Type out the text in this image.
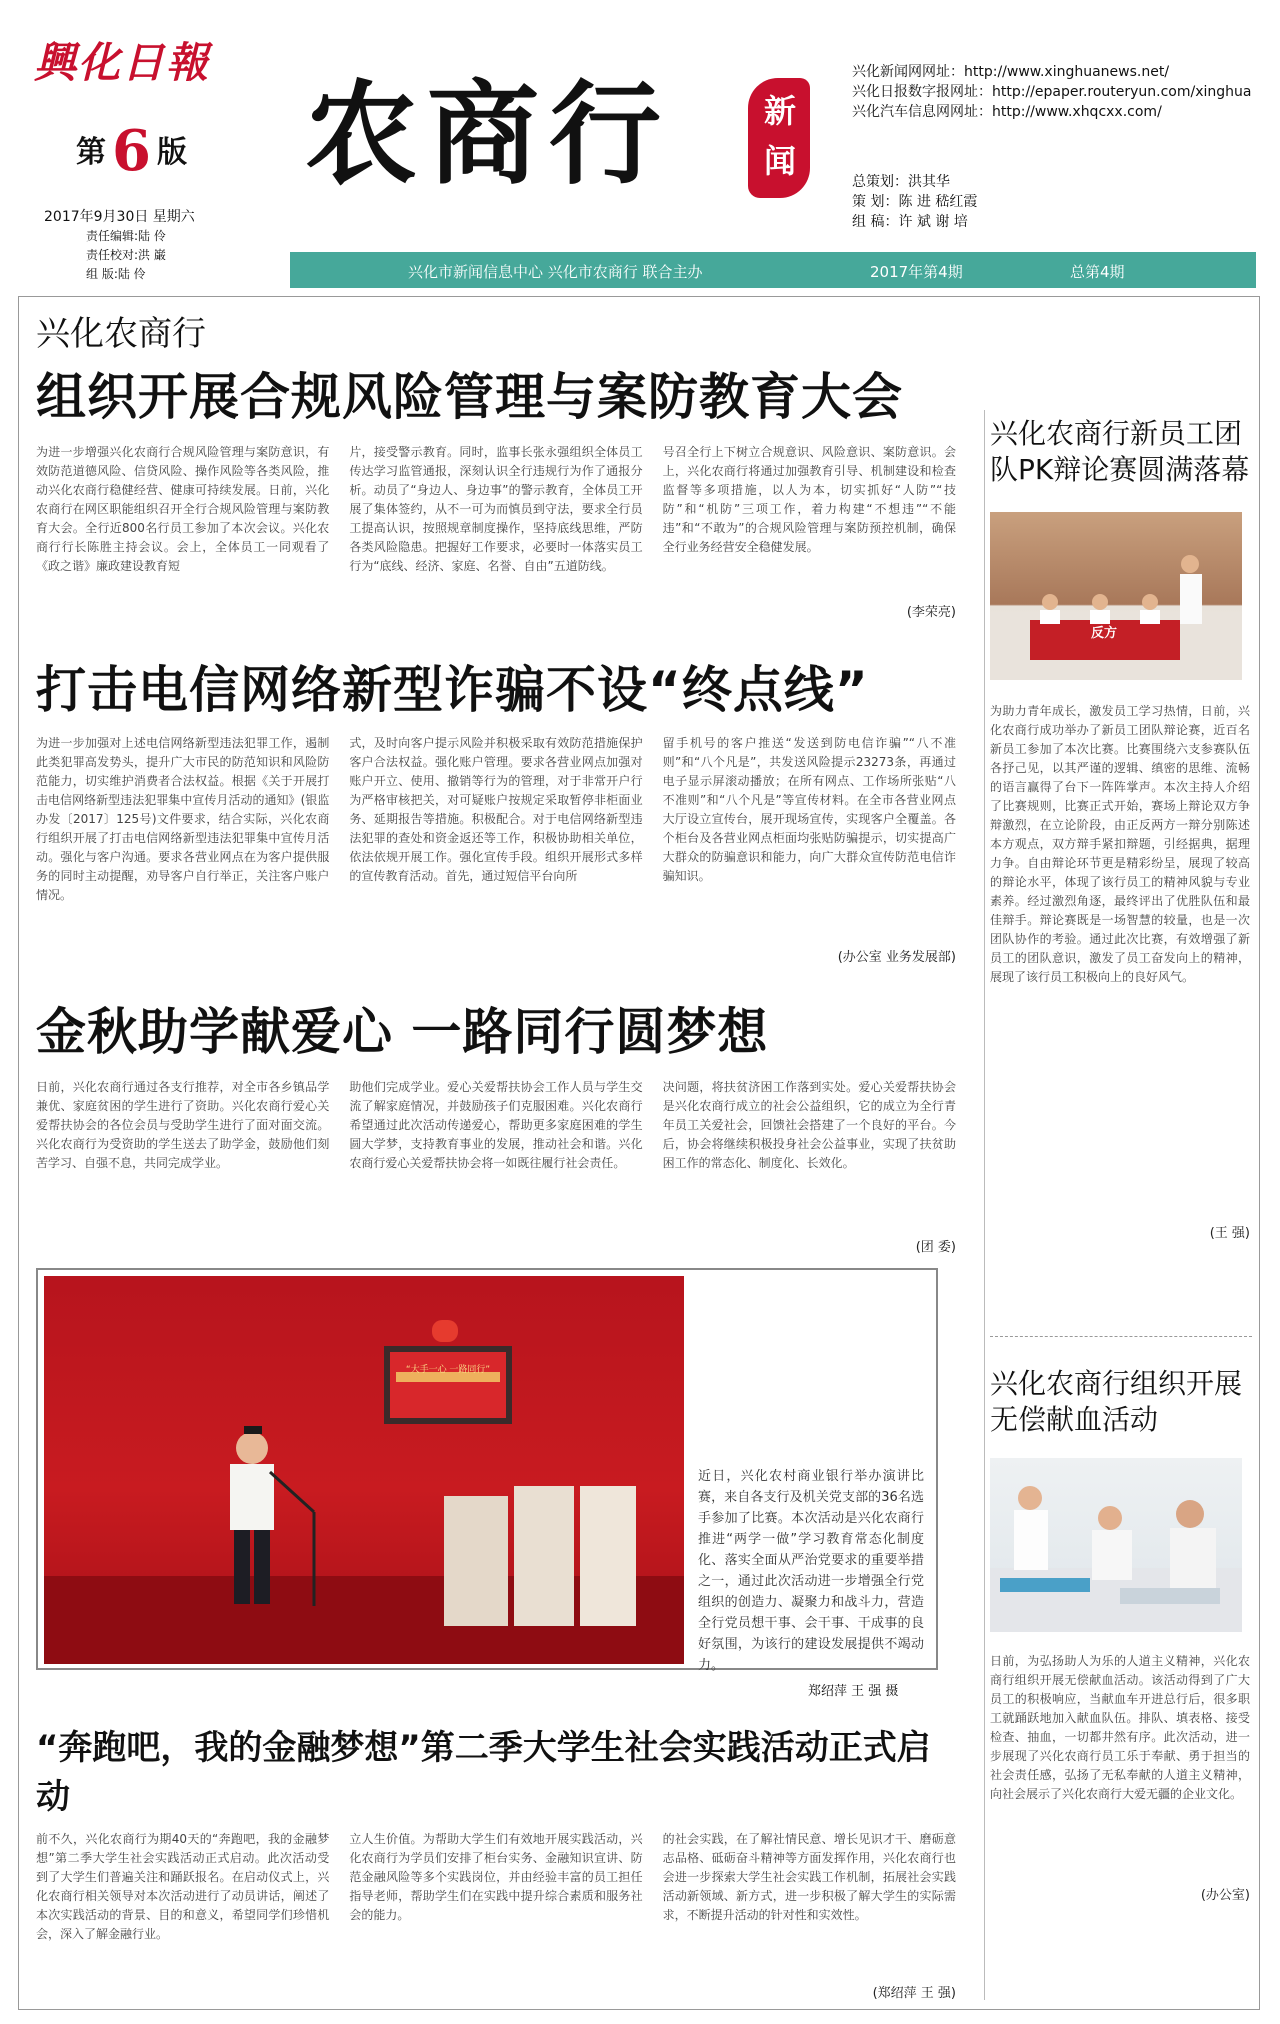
興化日報
第 6 版
2017年9月30日 星期六
责任编辑:陆 伶
责任校对:洪 巌
组 版:陆 伶
农商行	新闻
兴化新闻网网址：http://www.xinghuanews.net/
兴化日报数字报网址：http://epaper.routeryun.com/xinghua
兴化汽车信息网网址：http://www.xhqcxx.com/
总策划：洪其华
策 划：陈 进 嵇红霞
组 稿：许 斌 谢 培
兴化市新闻信息中心 兴化市农商行 联合主办	2017年第4期	总第4期
兴化农商行
组织开展合规风险管理与案防教育大会

为进一步增强兴化农商行合规风险管理与案防意识，有效防范道德风险、信贷风险、操作风险等各类风险，推动兴化农商行稳健经营、健康可持续发展。日前，兴化农商行在网区职能组织召开全行合规风险管理与案防教育大会。全行近800名行员工参加了本次会议。兴化农商行行长陈胜主持会议。会上，全体员工一同观看了《政之谐》廉政建设教育短

片，接受警示教育。同时，监事长张永强组织全体员工传达学习监管通报，深刻认识全行违规行为作了通报分析。动员了“身边人、身边事”的警示教育，全体员工开展了集体签约，从不一可为而慎员到守法，要求全行员工提高认识，按照规章制度操作，坚持底线思维，严防各类风险隐患。把握好工作要求，必要时一体落实员工行为“底线、经济、家庭、名誉、自由”五道防线。

号召全行上下树立合规意识、风险意识、案防意识。会上，兴化农商行将通过加强教育引导、机制建设和检查监督等多项措施，以人为本，切实抓好“人防”“技防”和“机防”三项工作，着力构建“不想违”“不能违”和“不敢为”的合规风险管理与案防预控机制，确保全行业务经营安全稳健发展。

(李荣亮)
打击电信网络新型诈骗不设“终点线”

为进一步加强对上述电信网络新型违法犯罪工作，遏制此类犯罪高发势头，提升广大市民的防范知识和风险防范能力，切实维护消费者合法权益。根据《关于开展打击电信网络新型违法犯罪集中宣传月活动的通知》(银监办发〔2017〕125号)文件要求，结合实际，兴化农商行组织开展了打击电信网络新型违法犯罪集中宣传月活动。强化与客户沟通。要求各营业网点在为客户提供服务的同时主动提醒，劝导客户自行举正，关注客户账户情况。

式，及时向客户提示风险并积极采取有效防范措施保护客户合法权益。强化账户管理。要求各营业网点加强对账户开立、使用、撤销等行为的管理，对于非常开户行为严格审核把关，对可疑账户按规定采取暂停非柜面业务、延期报告等措施。积极配合。对于电信网络新型违法犯罪的查处和资金返还等工作，积极协助相关单位，依法依规开展工作。强化宣传手段。组织开展形式多样的宣传教育活动。首先，通过短信平台向所

留手机号的客户推送“发送到防电信诈骗”“八不准则”和“八个凡是”，共发送风险提示23273条，再通过电子显示屏滚动播放；在所有网点、工作场所张贴“八不准则”和“八个凡是”等宣传材料。在全市各营业网点大厅设立宣传台，展开现场宣传，实现客户全覆盖。各个柜台及各营业网点柜面均张贴防骗提示，切实提高广大群众的防骗意识和能力，向广大群众宣传防范电信诈骗知识。

(办公室 业务发展部)
金秋助学献爱心 一路同行圆梦想

日前，兴化农商行通过各支行推荐，对全市各乡镇品学兼优、家庭贫困的学生进行了资助。兴化农商行爱心关爱帮扶协会的各位会员与受助学生进行了面对面交流。兴化农商行为受资助的学生送去了助学金，鼓励他们刻苦学习、自强不息，共同完成学业。

助他们完成学业。爱心关爱帮扶协会工作人员与学生交流了解家庭情况，并鼓励孩子们克服困难。兴化农商行希望通过此次活动传递爱心，帮助更多家庭困难的学生圆大学梦，支持教育事业的发展，推动社会和谐。兴化农商行爱心关爱帮扶协会将一如既往履行社会责任。

决问题，将扶贫济困工作落到实处。爱心关爱帮扶协会是兴化农商行成立的社会公益组织，它的成立为全行青年员工关爱社会，回馈社会搭建了一个良好的平台。今后，协会将继续积极投身社会公益事业，实现了扶贫助困工作的常态化、制度化、长效化。

(团 委)
“大手一心 一路同行”
近日，兴化农村商业银行举办演讲比赛，来自各支行及机关党支部的36名选手参加了比赛。本次活动是兴化农商行推进“两学一做”学习教育常态化制度化、落实全面从严治党要求的重要举措之一，通过此次活动进一步增强全行党组织的创造力、凝聚力和战斗力，营造全行党员想干事、会干事、干成事的良好氛围，为该行的建设发展提供不竭动力。
郑绍萍 王 强 摄
“奔跑吧，我的金融梦想”第二季大学生社会实践活动正式启动

前不久，兴化农商行为期40天的“奔跑吧，我的金融梦想”第二季大学生社会实践活动正式启动。此次活动受到了大学生们普遍关注和踊跃报名。在启动仪式上，兴化农商行相关领导对本次活动进行了动员讲话，阐述了本次实践活动的背景、目的和意义，希望同学们珍惜机会，深入了解金融行业。

立人生价值。为帮助大学生们有效地开展实践活动，兴化农商行为学员们安排了柜台实务、金融知识宣讲、防范金融风险等多个实践岗位，并由经验丰富的员工担任指导老师，帮助学生们在实践中提升综合素质和服务社会的能力。

的社会实践，在了解社情民意、增长见识才干、磨砺意志品格、砥砺奋斗精神等方面发挥作用，兴化农商行也会进一步探索大学生社会实践工作机制，拓展社会实践活动新领域、新方式，进一步积极了解大学生的实际需求，不断提升活动的针对性和实效性。

(郑绍萍 王 强)
兴化农商行新员工团队PK辩论赛圆满落幕
反方

为助力青年成长，激发员工学习热情，日前，兴化农商行成功举办了新员工团队辩论赛，近百名新员工参加了本次比赛。比赛围绕六支参赛队伍各抒己见，以其严谨的逻辑、缜密的思维、流畅的语言赢得了台下一阵阵掌声。本次主持人介绍了比赛规则，比赛正式开始，赛场上辩论双方争辩激烈，在立论阶段，由正反两方一辩分别陈述本方观点，双方辩手紧扣辩题，引经据典，据理力争。自由辩论环节更是精彩纷呈，展现了较高的辩论水平，体现了该行员工的精神风貌与专业素养。经过激烈角逐，最终评出了优胜队伍和最佳辩手。辩论赛既是一场智慧的较量，也是一次团队协作的考验。通过此次比赛，有效增强了新员工的团队意识，激发了员工奋发向上的精神，展现了该行员工积极向上的良好风气。

(王 强)
兴化农商行组织开展无偿献血活动

日前，为弘扬助人为乐的人道主义精神，兴化农商行组织开展无偿献血活动。该活动得到了广大员工的积极响应，当献血车开进总行后，很多职工就踊跃地加入献血队伍。排队、填表格、接受检查、抽血，一切都井然有序。此次活动，进一步展现了兴化农商行员工乐于奉献、勇于担当的社会责任感，弘扬了无私奉献的人道主义精神，向社会展示了兴化农商行大爱无疆的企业文化。

(办公室)
